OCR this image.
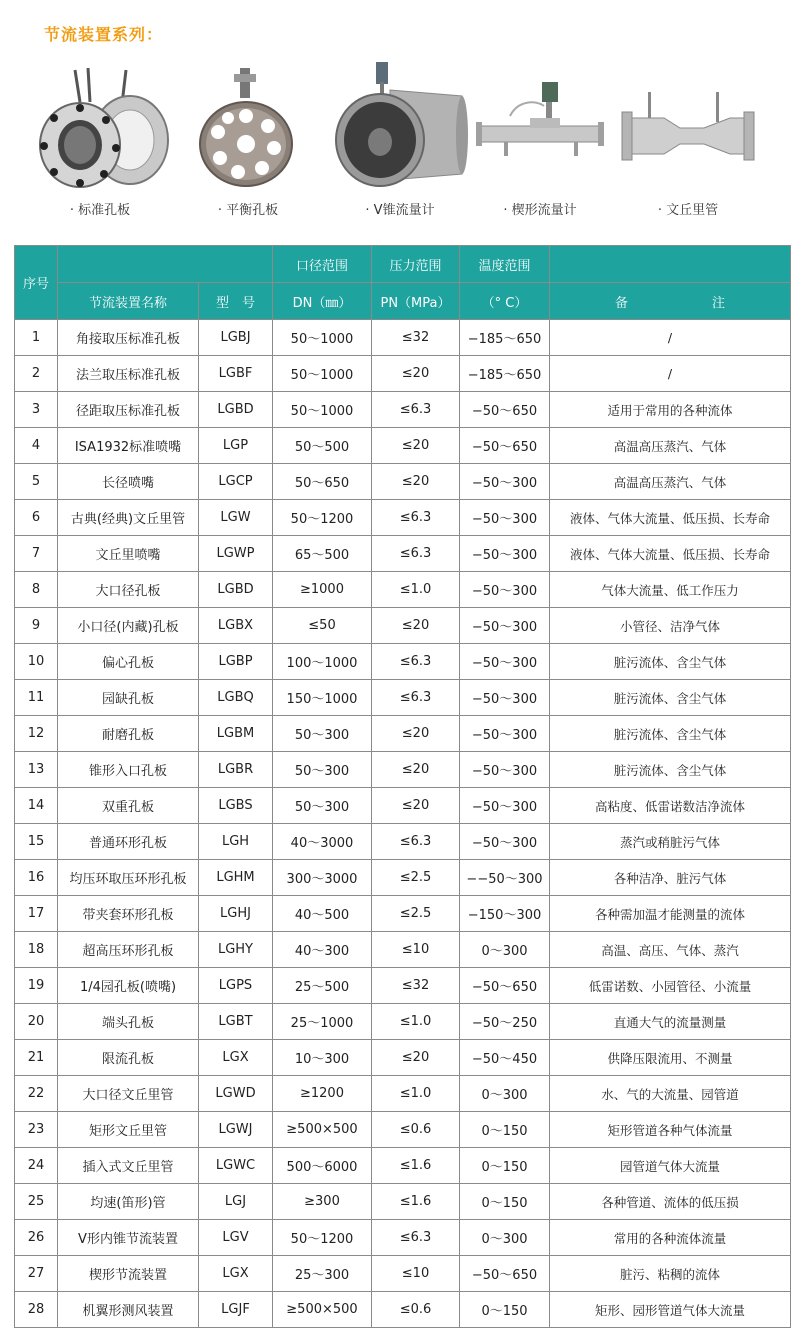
节流装置系列：
· 标准孔板	· 平衡孔板	· V锥流量计	· 楔形流量计	· 文丘里管
序号			口径范围	压力范围	温度范围	
	节流装置名称	型　号	DN（㎜）	PN（MPa）	（° C）	备 注
1	角接取压标准孔板	LGBJ	50～1000	≤32	−185～650	/
2	法兰取压标准孔板	LGBF	50～1000	≤20	−185～650	/
3	径距取压标准孔板	LGBD	50～1000	≤6.3	−50～650	适用于常用的各种流体
4	ISA1932标准喷嘴	LGP	50～500	≤20	−50～650	高温高压蒸汽、气体
5	长径喷嘴	LGCP	50～650	≤20	−50～300	高温高压蒸汽、气体
6	古典(经典)文丘里管	LGW	50～1200	≤6.3	−50～300	液体、气体大流量、低压损、长寿命
7	文丘里喷嘴	LGWP	65～500	≤6.3	−50～300	液体、气体大流量、低压损、长寿命
8	大口径孔板	LGBD	≥1000	≤1.0	−50～300	气体大流量、低工作压力
9	小口径(内藏)孔板	LGBX	≤50	≤20	−50～300	小管径、洁净气体
10	偏心孔板	LGBP	100～1000	≤6.3	−50～300	脏污流体、含尘气体
11	园缺孔板	LGBQ	150～1000	≤6.3	−50～300	脏污流体、含尘气体
12	耐磨孔板	LGBM	50～300	≤20	−50～300	脏污流体、含尘气体
13	锥形入口孔板	LGBR	50～300	≤20	−50～300	脏污流体、含尘气体
14	双重孔板	LGBS	50～300	≤20	−50～300	高粘度、低雷诺数洁净流体
15	普通环形孔板	LGH	40～3000	≤6.3	−50～300	蒸汽或稍脏污气体
16	均压环取压环形孔板	LGHM	300～3000	≤2.5	−−50～300	各种洁净、脏污气体
17	带夹套环形孔板	LGHJ	40～500	≤2.5	−150～300	各种需加温才能测量的流体
18	超高压环形孔板	LGHY	40～300	≤10	0～300	高温、高压、气体、蒸汽
19	1/4园孔板(喷嘴)	LGPS	25～500	≤32	−50～650	低雷诺数、小园管径、小流量
20	端头孔板	LGBT	25～1000	≤1.0	−50～250	直通大气的流量测量
21	限流孔板	LGX	10～300	≤20	−50～450	供降压限流用、不测量
22	大口径文丘里管	LGWD	≥1200	≤1.0	0～300	水、气的大流量、园管道
23	矩形文丘里管	LGWJ	≥500×500	≤0.6	0～150	矩形管道各种气体流量
24	插入式文丘里管	LGWC	500～6000	≤1.6	0～150	园管道气体大流量
25	均速(笛形)管	LGJ	≥300	≤1.6	0～150	各种管道、流体的低压损
26	V形内锥节流装置	LGV	50～1200	≤6.3	0～300	常用的各种流体流量
27	楔形节流装置	LGX	25～300	≤10	−50～650	脏污、粘稠的流体
28	机翼形测风装置	LGJF	≥500×500	≤0.6	0～150	矩形、园形管道气体大流量
